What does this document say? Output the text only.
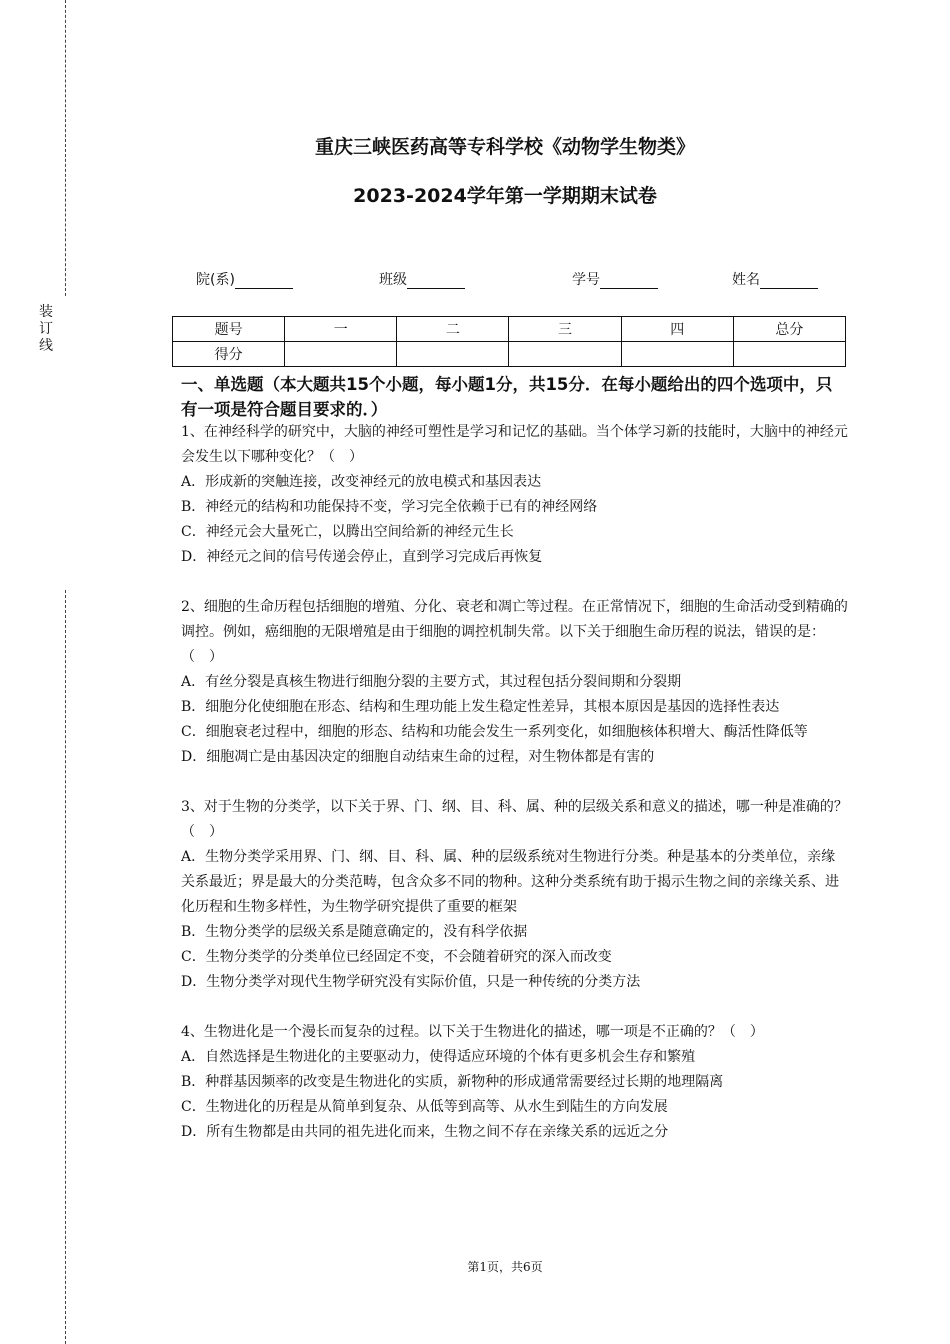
装
订
线
重庆三峡医药高等专科学校《动物学生物类》
2023-2024学年第一学期期末试卷
院(系)	班级	学号	姓名
题号	一	二	三	四	总分
得分					
一、单选题（本大题共15个小题，每小题1分，共15分．在每小题给出的四个选项中，只有一项是符合题目要求的．）

1、在神经科学的研究中，大脑的神经可塑性是学习和记忆的基础。当个体学习新的技能时，大脑中的神经元会发生以下哪种变化？（　）

A．形成新的突触连接，改变神经元的放电模式和基因表达

B．神经元的结构和功能保持不变，学习完全依赖于已有的神经网络

C．神经元会大量死亡，以腾出空间给新的神经元生长

D．神经元之间的信号传递会停止，直到学习完成后再恢复

2、细胞的生命历程包括细胞的增殖、分化、衰老和凋亡等过程。在正常情况下，细胞的生命活动受到精确的调控。例如，癌细胞的无限增殖是由于细胞的调控机制失常。以下关于细胞生命历程的说法，错误的是：（　）

A．有丝分裂是真核生物进行细胞分裂的主要方式，其过程包括分裂间期和分裂期

B．细胞分化使细胞在形态、结构和生理功能上发生稳定性差异，其根本原因是基因的选择性表达

C．细胞衰老过程中，细胞的形态、结构和功能会发生一系列变化，如细胞核体积增大、酶活性降低等

D．细胞凋亡是由基因决定的细胞自动结束生命的过程，对生物体都是有害的

3、对于生物的分类学，以下关于界、门、纲、目、科、属、种的层级关系和意义的描述，哪一种是准确的？（　）

A．生物分类学采用界、门、纲、目、科、属、种的层级系统对生物进行分类。种是基本的分类单位，亲缘关系最近；界是最大的分类范畴，包含众多不同的物种。这种分类系统有助于揭示生物之间的亲缘关系、进化历程和生物多样性，为生物学研究提供了重要的框架

B．生物分类学的层级关系是随意确定的，没有科学依据

C．生物分类学的分类单位已经固定不变，不会随着研究的深入而改变

D．生物分类学对现代生物学研究没有实际价值，只是一种传统的分类方法

4、生物进化是一个漫长而复杂的过程。以下关于生物进化的描述，哪一项是不正确的？（　）

A．自然选择是生物进化的主要驱动力，使得适应环境的个体有更多机会生存和繁殖

B．种群基因频率的改变是生物进化的实质，新物种的形成通常需要经过长期的地理隔离

C．生物进化的历程是从简单到复杂、从低等到高等、从水生到陆生的方向发展

D．所有生物都是由共同的祖先进化而来，生物之间不存在亲缘关系的远近之分

第1页，共6页
